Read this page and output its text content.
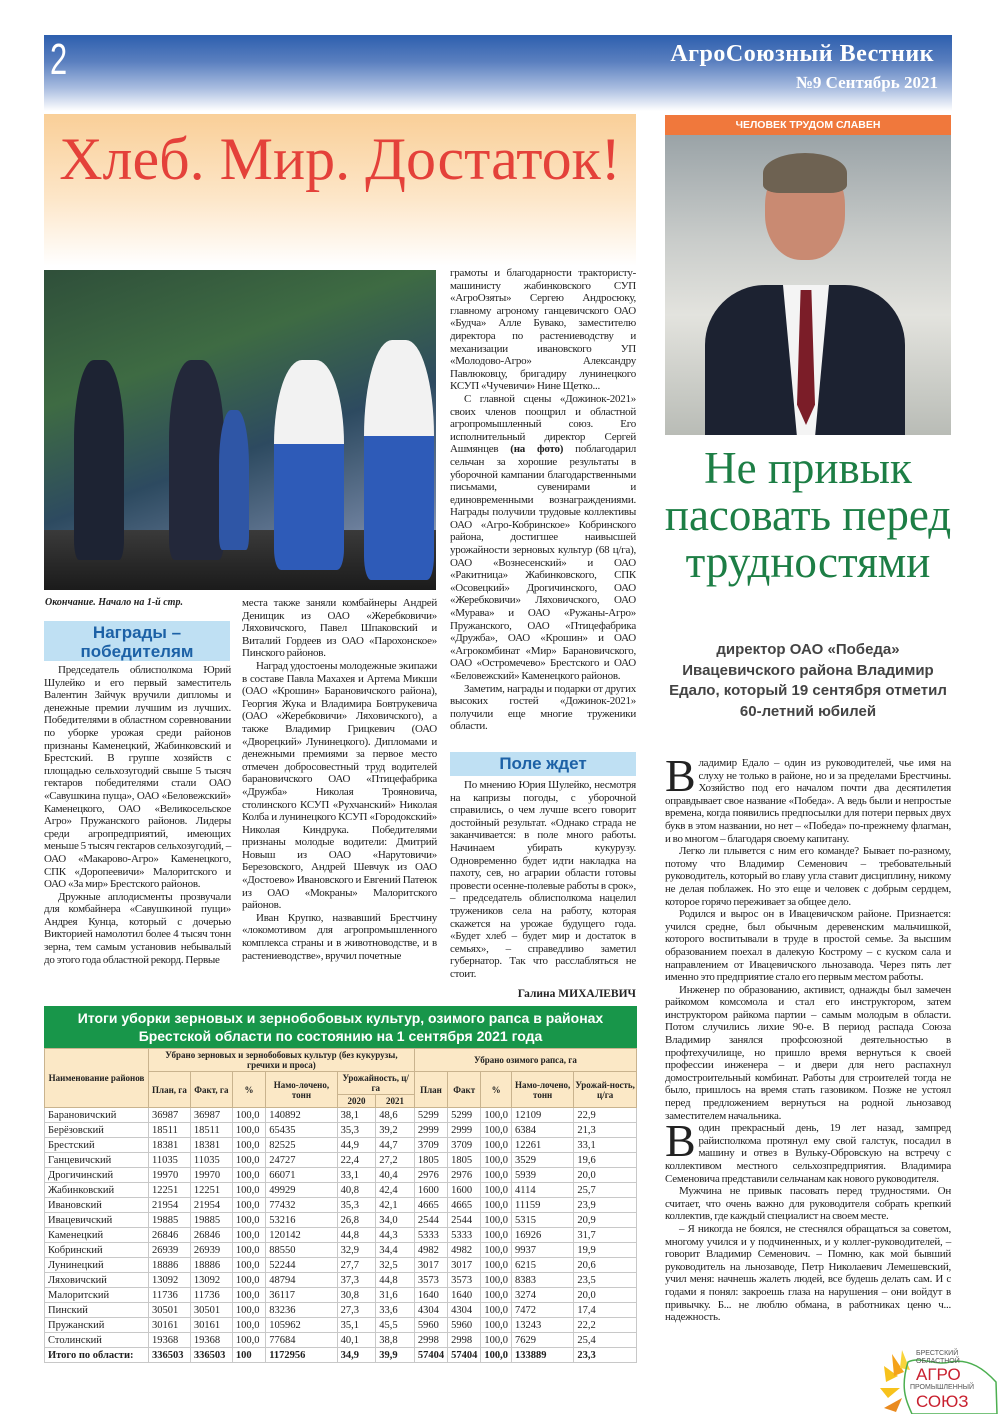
2	АгроСоюзный Вестник
№9 Сентябрь 2021
Хлеб. Мир. Достаток!
Окончание. Начало на 1-й стр.
Награды – победителям

Председатель облисполкома Юрий Шулейко и его первый заместитель Валентин Зайчук вручили дипломы и денежные премии лучшим из лучших. Победителями в областном соревновании по уборке урожая среди районов признаны Каменецкий, Жабинковский и Брестский. В группе хозяйств с площадью сельхозугодий свыше 5 тысяч гектаров победителями стали ОАО «Савушкина пуща», ОАО «Беловежский» Каменецкого, ОАО «Великосельское Агро» Пружанского районов. Лидеры среди агропредприятий, имеющих меньше 5 тысяч гектаров сельхозугодий, – ОАО «Макарово-Агро» Каменецкого, СПК «Доропеевичи» Малоритского и ОАО «За мир» Брестского районов.

Дружные аплодисменты прозвучали для комбайнера «Савушкиной пущи» Андрея Кунца, который с дочерью Викторией намолотил более 4 тысяч тонн зерна, тем самым установив небывалый до этого года областной рекорд. Первые

места также заняли комбайнеры Андрей Денищик из ОАО «Жеребковичи» Ляховичского, Павел Шпаковский и Виталий Гордеев из ОАО «Парохонское» Пинского районов.

Наград удостоены молодежные экипажи в составе Павла Махахея и Артема Микши (ОАО «Крошин» Барановичского района), Георгия Жука и Владимира Бовтрукевича (ОАО «Жеребковичи» Ляховичского), а также Владимир Грицкевич (ОАО «Дворецкий» Лунинецкого). Дипломами и денежными премиями за первое место отмечен добросовестный труд водителей барановичского ОАО «Птицефабрика «Дружба» Николая Трояновича, столинского КСУП «Рухчанский» Николая Колба и лунинецкого КСУП «Городокский» Николая Киндрука. Победителями признаны молодые водители: Дмитрий Новыш из ОАО «Нарутовичи» Березовского, Андрей Шевчук из ОАО «Достоево» Ивановского и Евгений Патеюк из ОАО «Мокраны» Малоритского районов.

Иван Крупко, назвавший Брестчину «локомотивом для агропромышленного комплекса страны и в животноводстве, и в растениеводстве», вручил почетные

грамоты и благодарности трактористу-машинисту жабинковского СУП «АгроОзяты» Сергею Андросюку, главному агроному ганцевичского ОАО «Будча» Алле Бувако, заместителю директора по растениеводству и механизации ивановского УП «Молодово-Агро» Александру Павлюковцу, бригадиру лунинецкого КСУП «Чучевичи» Нине Щетко...

С главной сцены «Дожинок-2021» своих членов поощрил и областной агропромышленный союз. Его исполнительный директор Сергей Ашмянцев (на фото) поблагодарил сельчан за хорошие результаты в уборочной кампании благодарственными письмами, сувенирами и единовременными вознаграждениями. Награды получили трудовые коллективы ОАО «Агро-Кобринское» Кобринского района, достигшее наивысшей урожайности зерновых культур (68 ц/га), ОАО «Вознесенский» и ОАО «Ракитница» Жабинковского, СПК «Осовецкий» Дрогичинского, ОАО «Жеребковичи» Ляховичского, ОАО «Мурава» и ОАО «Ружаны-Агро» Пружанского, ОАО «Птицефабрика «Дружба», ОАО «Крошин» и ОАО «Агрокомбинат «Мир» Барановичского, ОАО «Остромечево» Брестского и ОАО «Беловежский» Каменецкого районов.

Заметим, награды и подарки от других высоких гостей «Дожинок-2021» получили еще многие труженики области.

Поле ждет

По мнению Юрия Шулейко, несмотря на капризы погоды, с уборочной справились, о чем лучше всего говорит достойный результат. «Однако страда не заканчивается: в поле много работы. Начинаем убирать кукурузу. Одновременно будет идти накладка на пахоту, сев, но аграрии области готовы провести осенне-полевые работы в срок», – председатель облисполкома нацелил тружеников села на работу, которая скажется на урожае будущего года. «Будет хлеб – будет мир и достаток в семьях», – справедливо заметил губернатор. Так что расслабляться не стоит.

Галина МИХАЛЕВИЧ
Итоги уборки зерновых и зернобобовых культур, озимого рапса в районах Брестской области по состоянию на 1 сентября 2021 года
Наименование районов	Убрано зерновых и зернобобовых культур (без кукурузы, гречихи и проса)						Убрано озимого рапса, га				
	План, га	Факт, га	%	Намо-лочено, тонн	Урожайность, ц/га		План	Факт	%	Намо-лочено, тонн	Урожай-ность, ц/га
					2020	2021					
Барановичский	36987	36987	100,0	140892	38,1	48,6	5299	5299	100,0	12109	22,9
Берёзовский	18511	18511	100,0	65435	35,3	39,2	2999	2999	100,0	6384	21,3
Брестский	18381	18381	100,0	82525	44,9	44,7	3709	3709	100,0	12261	33,1
Ганцевичский	11035	11035	100,0	24727	22,4	27,2	1805	1805	100,0	3529	19,6
Дрогичинский	19970	19970	100,0	66071	33,1	40,4	2976	2976	100,0	5939	20,0
Жабинковский	12251	12251	100,0	49929	40,8	42,4	1600	1600	100,0	4114	25,7
Ивановский	21954	21954	100,0	77432	35,3	42,1	4665	4665	100,0	11159	23,9
Ивацевичский	19885	19885	100,0	53216	26,8	34,0	2544	2544	100,0	5315	20,9
Каменецкий	26846	26846	100,0	120142	44,8	44,3	5333	5333	100,0	16926	31,7
Кобринский	26939	26939	100,0	88550	32,9	34,4	4982	4982	100,0	9937	19,9
Лунинецкий	18886	18886	100,0	52244	27,7	32,5	3017	3017	100,0	6215	20,6
Ляховичский	13092	13092	100,0	48794	37,3	44,8	3573	3573	100,0	8383	23,5
Малоритский	11736	11736	100,0	36117	30,8	31,6	1640	1640	100,0	3274	20,0
Пинский	30501	30501	100,0	83236	27,3	33,6	4304	4304	100,0	7472	17,4
Пружанский	30161	30161	100,0	105962	35,1	45,5	5960	5960	100,0	13243	22,2
Столинский	19368	19368	100,0	77684	40,1	38,8	2998	2998	100,0	7629	25,4
Итого по области:	336503	336503	100	1172956	34,9	39,9	57404	57404	100,0	133889	23,3
ЧЕЛОВЕК ТРУДОМ СЛАВЕН
Не привык пасовать перед трудностями
директор ОАО «Победа» Ивацевичского района Владимир Едало, который 19 сентября отметил 60-летний юбилей

Владимир Едало – один из руководителей, чье имя на слуху не только в районе, но и за пределами Брестчины. Хозяйство под его началом почти два десятилетия оправдывает свое название «Победа». А ведь были и непростые времена, когда появились предпосылки для потери первых двух букв в этом названии, но нет – «Победа» по-прежнему флагман, и во многом – благодаря своему капитану.

Легко ли плывется с ним его команде? Бывает по-разному, потому что Владимир Семенович – требовательный руководитель, который во главу угла ставит дисциплину, никому не делая поблажек. Но это еще и человек с добрым сердцем, которое горячо переживает за общее дело.

Родился и вырос он в Ивацевичском районе. Признается: учился средне, был обычным деревенским мальчишкой, которого воспитывали в труде в простой семье. За высшим образованием поехал в далекую Кострому – с куском сала и направлением от Ивацевичского льнозавода. Через пять лет именно это предприятие стало его первым местом работы.

Инженер по образованию, активист, однажды был замечен райкомом комсомола и стал его инструктором, затем инструктором райкома партии – самым молодым в области. Потом случились лихие 90-е. В период распада Союза Владимир занялся профсоюзной деятельностью в профтехучилище, но пришло время вернуться к своей профессии инженера – и двери для него распахнул домостроительный комбинат. Работы для строителей тогда не было, пришлось на время стать газовиком. Позже не устоял перед предложением вернуться на родной льнозавод заместителем начальника.

Водин прекрасный день, 19 лет назад, зампред райисполкома протянул ему свой галстук, посадил в машину и отвез в Вульку-Обровскую на встречу с коллективом местного сельхозпредприятия. Владимира Семеновича представили сельчанам как нового руководителя.

Мужчина не привык пасовать перед трудностями. Он считает, что очень важно для руководителя собрать крепкий коллектив, где каждый специалист на своем месте.

– Я никогда не боялся, не стеснялся обращаться за советом, многому учился и у подчиненных, и у коллег-руководителей, – говорит Владимир Семенович. – Помню, как мой бывший руководитель на льнозаводе, Петр Николаевич Лемешевский, учил меня: начнешь жалеть людей, все будешь делать сам. И с годами я понял: закроешь глаза на нарушения – они войдут в привычку. Б... не люблю обмана, в работниках ценю ч... надежность.

БРЕСТСКИЙ
ОБЛАСТНОЙ
АГРО
ПРОМЫШЛЕННЫЙ
СОЮЗ
